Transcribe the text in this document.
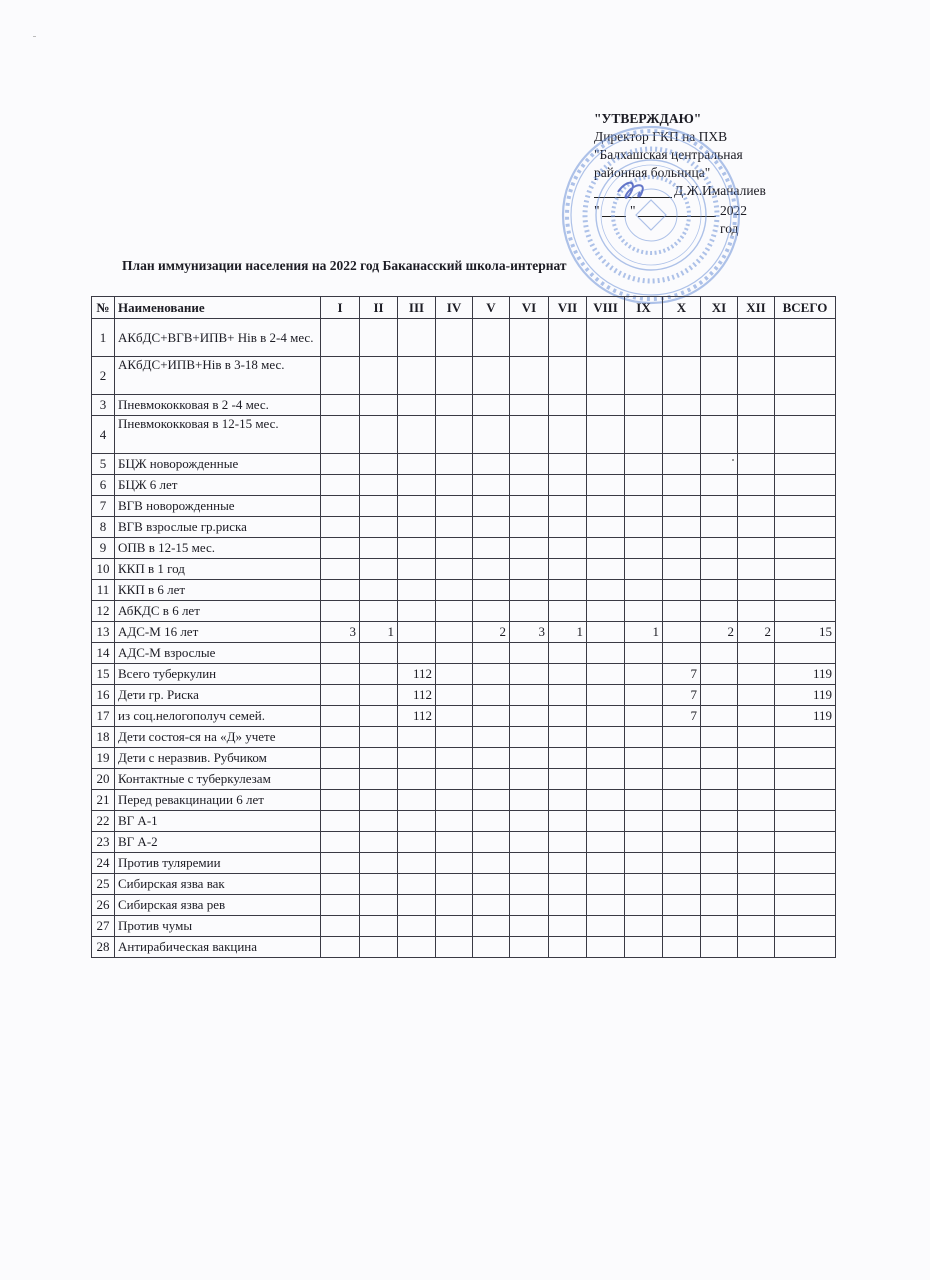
"УТВЕРЖДАЮ"
Директор ГКП на ПХВ
"Балхашская центральная
районная больница"
Д.Ж.Иманалиев
" "	2022 год
План иммунизации населения на 2022 год Баканасский школа-интернат
№	Наименование	I	II	III	IV	V	VI	VII	VIII	IX	X	XI	XII	ВСЕГО
1	АКбДС+ВГВ+ИПВ+ Hiв в 2-4 мес.													
2	АКбДС+ИПВ+Hiв в 3-18 мес.													
3	Пневмококковая в 2 -4 мес.													
4	Пневмококковая в 12-15 мес.													
5	БЦЖ новорожденные													
6	БЦЖ 6 лет													
7	ВГВ новорожденные													
8	ВГВ взрослые гр.риска													
9	ОПВ в 12-15 мес.													
10	ККП в 1 год													
11	ККП в 6 лет													
12	АбКДС в 6 лет													
13	АДС-М 16 лет	3	1			2	3	1		1		2	2	15
14	АДС-М взрослые													
15	Всего туберкулин			112							7			119
16	Дети гр. Риска			112							7			119
17	из соц.нелогополуч семей.			112							7			119
18	Дети состоя-ся на «Д» учете													
19	Дети с неразвив. Рубчиком													
20	Контактные с туберкулезам													
21	Перед ревакцинации 6 лет													
22	ВГ А-1													
23	ВГ А-2													
24	Против туляремии													
25	Сибирская язва вак													
26	Сибирская язва рев													
27	Против чумы													
28	Антирабическая вакцина													
